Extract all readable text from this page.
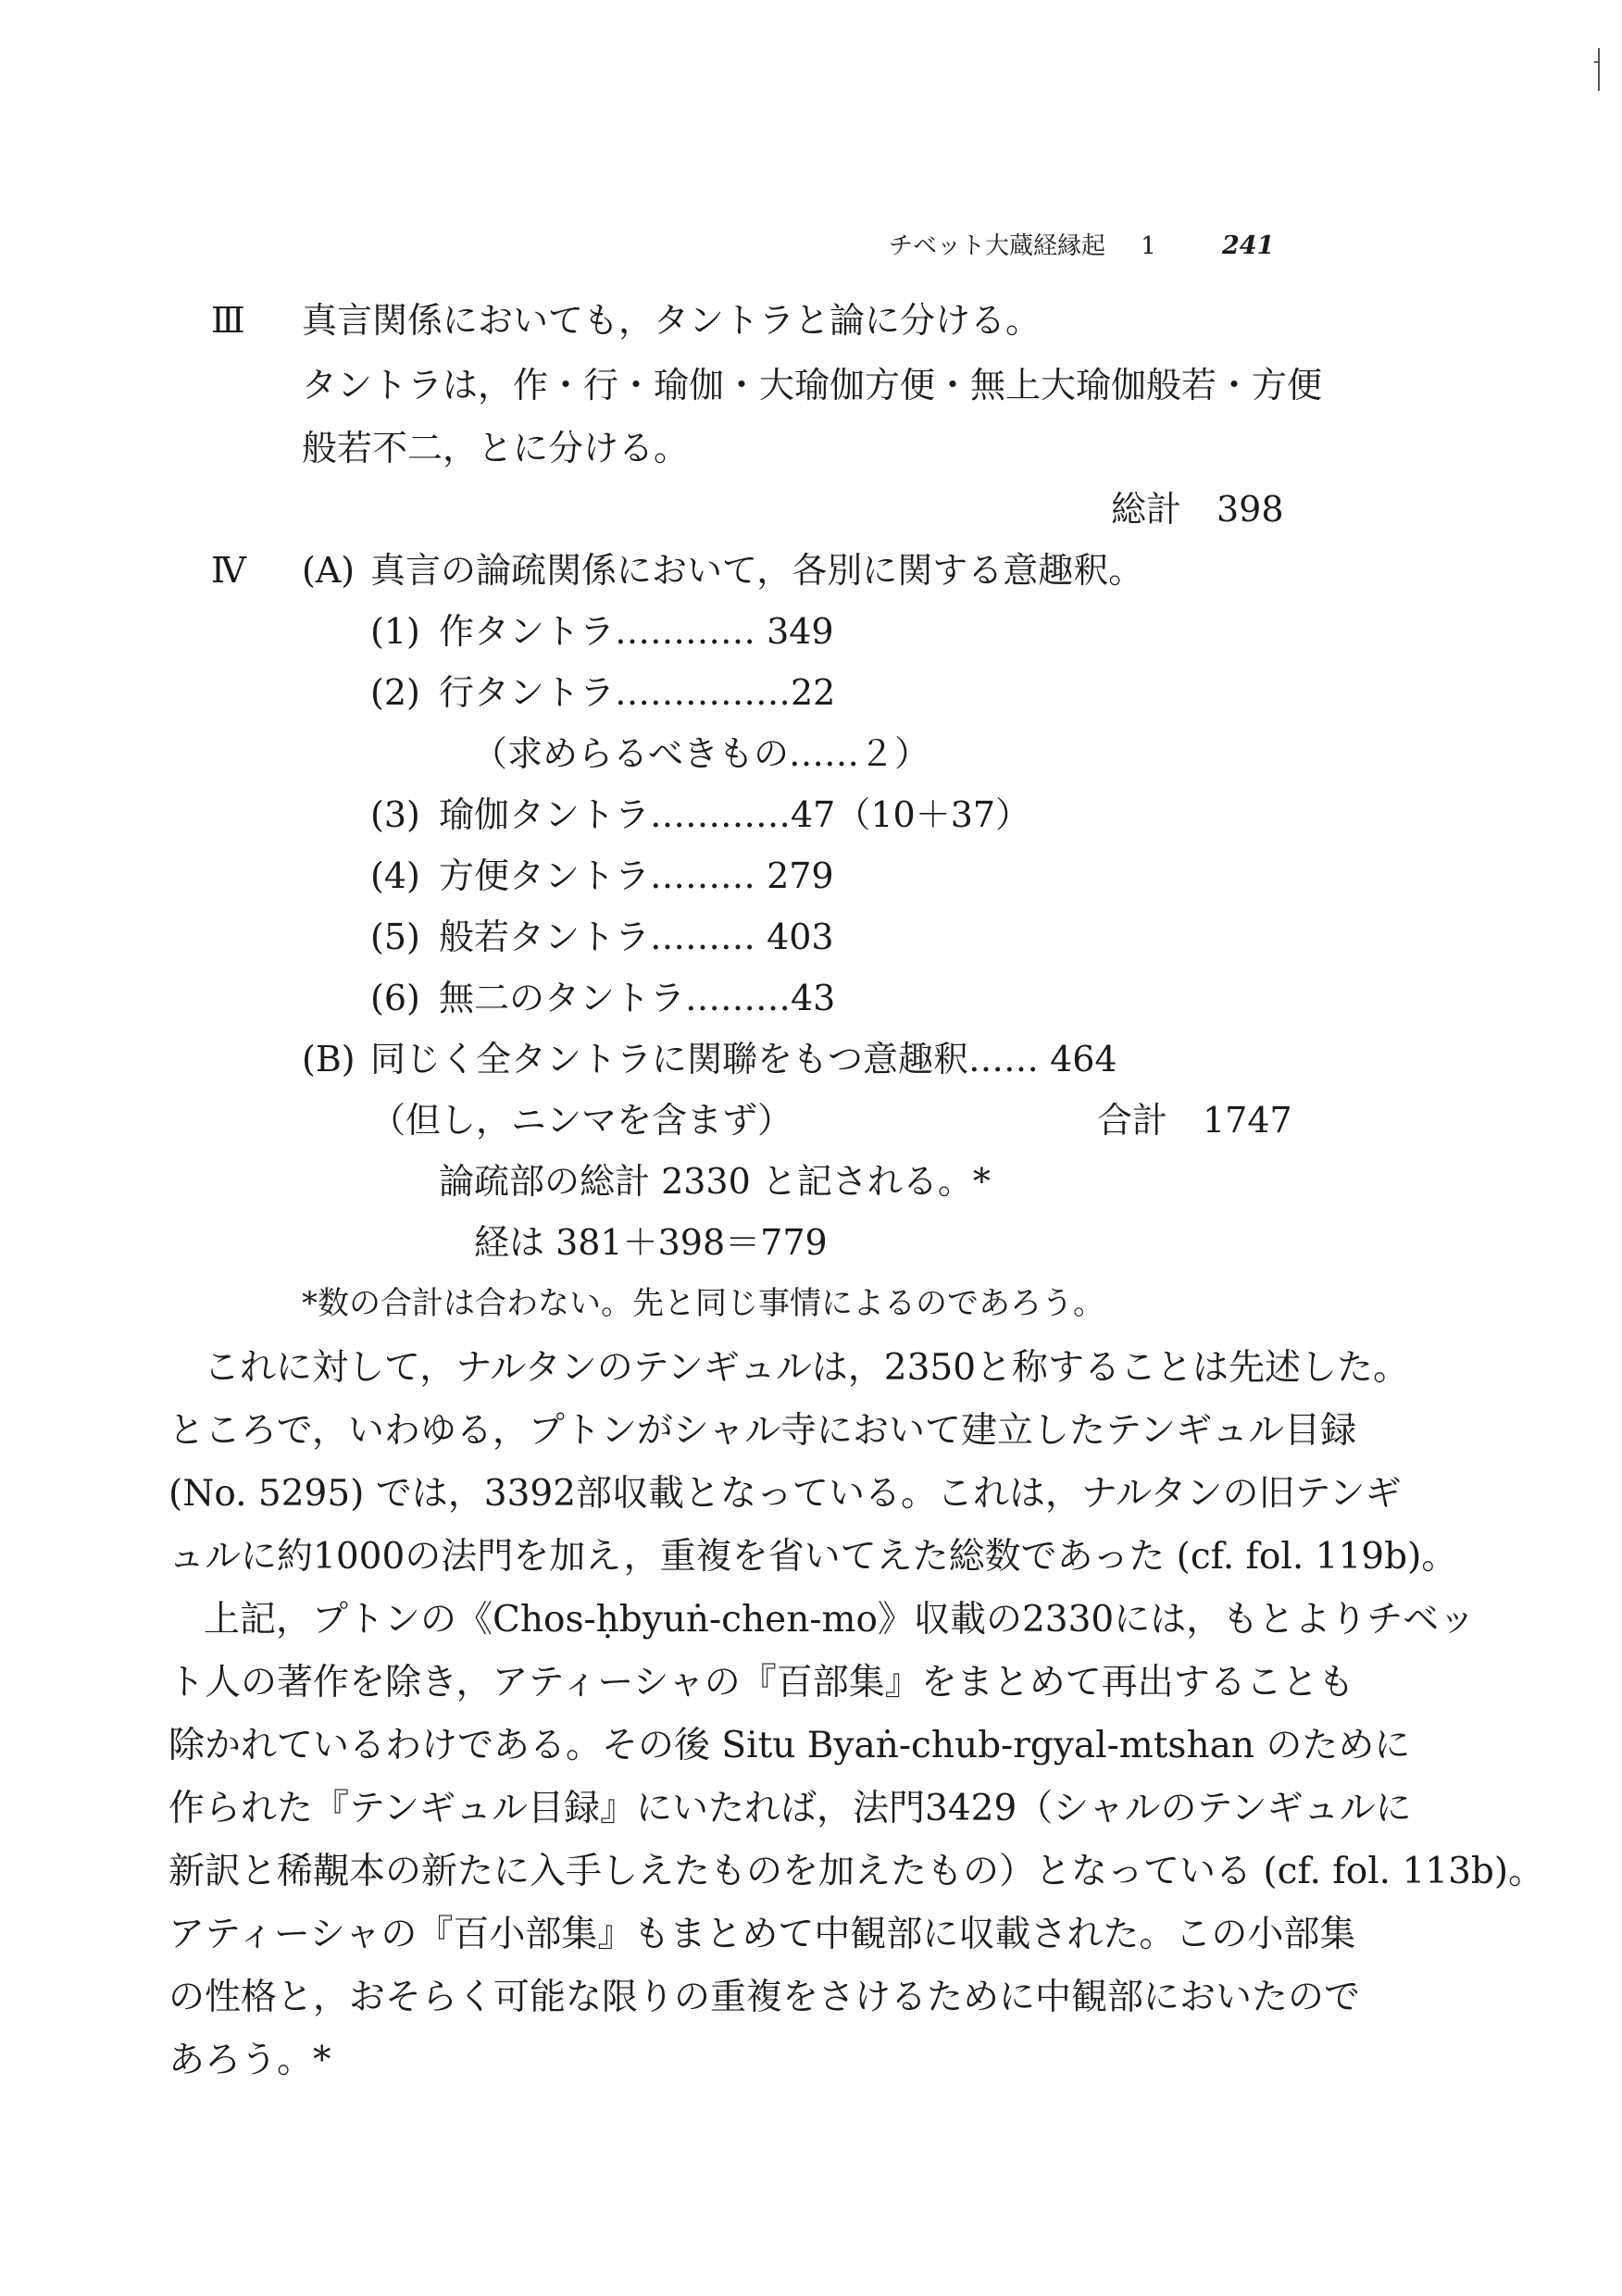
チベット大蔵経縁起 1	241
Ⅲ 真言関係においても，タントラと論に分ける。
タントラは，作・行・瑜伽・大瑜伽方便・無上大瑜伽般若・方便
般若不二，とに分ける。
総計　398
Ⅳ (A) 真言の論疏関係において，各別に関する意趣釈。
(1) 作タントラ………… 349
(2) 行タントラ……………22
（求めらるべきもの……２）
(3) 瑜伽タントラ…………47（10＋37）
(4) 方便タントラ……… 279
(5) 般若タントラ……… 403
(6) 無二のタントラ………43
(B) 同じく全タントラに関聯をもつ意趣釈…… 464
（但し，ニンマを含まず）	合計　1747
論疏部の総計 2330 と記される。*
経は 381＋398＝779
*数の合計は合わない。先と同じ事情によるのであろう。
これに対して，ナルタンのテンギュルは，2350と称することは先述した。
ところで，いわゆる，プトンがシャル寺において建立したテンギュル目録
(No. 5295) では，3392部収載となっている。これは，ナルタンの旧テンギ
ュルに約1000の法門を加え，重複を省いてえた総数であった (cf. fol. 119b)。
上記，プトンの《Chos-ḥbyuṅ-chen-mo》収載の2330には，もとよりチベッ
ト人の著作を除き，アティーシャの『百部集』をまとめて再出することも
除かれているわけである。その後 Situ Byaṅ-chub-rgyal-mtshan のために
作られた『テンギュル目録』にいたれば，法門3429（シャルのテンギュルに
新訳と稀覯本の新たに入手しえたものを加えたもの）となっている (cf. fol. 113b)。
アティーシャの『百小部集』もまとめて中観部に収載された。この小部集
の性格と，おそらく可能な限りの重複をさけるために中観部においたので
あろう。*
